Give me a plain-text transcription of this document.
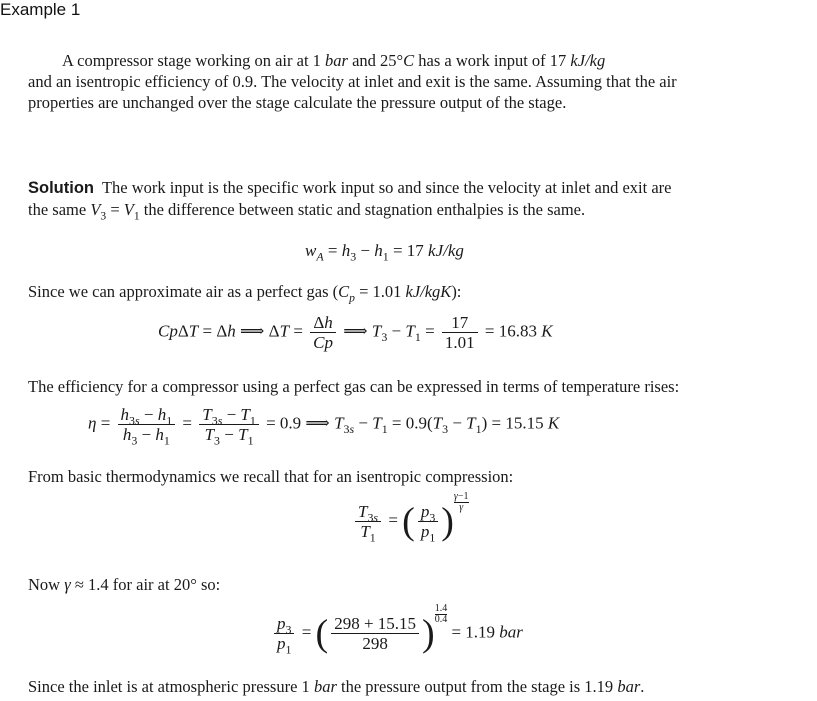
Example 1
A compressor stage working on air at 1 bar and 25°C has a work input of 17 kJ/kg
and an isentropic efficiency of 0.9. The velocity at inlet and exit is the same. Assuming that the air
properties are unchanged over the stage calculate the pressure output of the stage.
Solution The work input is the specific work input so and since the velocity at inlet and exit are
the same $V_3 = V_1$ the difference between static and stagnation enthalpies is the same.
$w_A = h_3 - h_1 = 17$ kJ/kg
Since we can approximate air as a perfect gas ($C_p = 1.01$ kJ/kgK):
CpΔT = Δh ⟹ $\Delta T = \frac{\Delta h}{Cp}$ ⟹ $T_3 - T_1 = \frac{17}{1.01} = 16.83$ K
The efficiency for a compressor using a perfect gas can be expressed in terms of temperature rises:
$\eta = \frac{h_{3s} - h_1}{h_3 - h_1} = \frac{T_{3s} - T_1}{T_3 - T_1} = 0.9$ ⟹ $T_{3s} - T_1 = 0.9(T_3 - T_1) = 15.15$ K
From basic thermodynamics we recall that for an isentropic compression:
$\frac{T_{3s}}{T_1}$ = ( $\frac{p_3}{p_1}$ ) $\frac{\gamma-1}{\gamma}$
Now γ ≈ 1.4 for air at 20° so:
$\frac{p_3}{p_1}$ = ( $\frac{298 + 15.15}{298}$ ) $\frac{1.4}{0.4}$
= 1.19 bar
Since the inlet is at atmospheric pressure 1 bar the pressure output from the stage is 1.19 bar.
